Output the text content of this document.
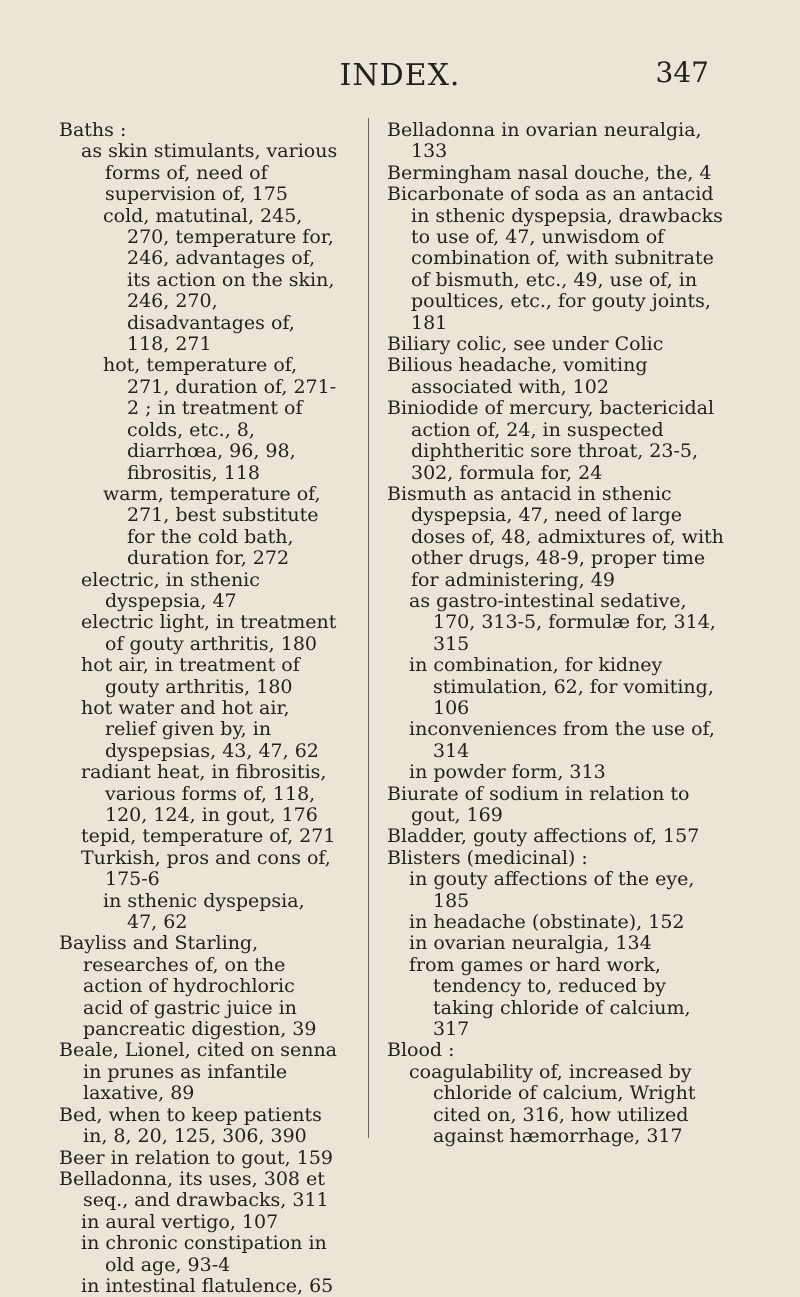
INDEX.	347

Baths :

as skin stimulants, various forms of, need of supervision of, 175

cold, matutinal, 245, 270, temperature for, 246, advantages of, its action on the skin, 246, 270, disadvantages of, 118, 271

hot, temperature of, 271, duration of, 271-2 ; in treatment of colds, etc., 8, diarrhœa, 96, 98, fibrositis, 118

warm, temperature of, 271, best substitute for the cold bath, duration for, 272

electric, in sthenic dyspepsia, 47

electric light, in treatment of gouty arthritis, 180

hot air, in treatment of gouty arthritis, 180

hot water and hot air, relief given by, in dyspepsias, 43, 47, 62

radiant heat, in fibrositis, various forms of, 118, 120, 124, in gout, 176

tepid, temperature of, 271

Turkish, pros and cons of, 175-6

in sthenic dyspepsia, 47, 62

Bayliss and Starling, researches of, on the action of hydrochloric acid of gastric juice in pancreatic digestion, 39

Beale, Lionel, cited on senna in prunes as infantile laxative, 89

Bed, when to keep patients in, 8, 20, 125, 306, 390

Beer in relation to gout, 159

Belladonna, its uses, 308 et seq., and drawbacks, 311

in aural vertigo, 107

in chronic constipation in old age, 93-4

in intestinal flatulence, 65

Belladonna in ovarian neuralgia, 133

Bermingham nasal douche, the, 4

Bicarbonate of soda as an antacid in sthenic dyspepsia, drawbacks to use of, 47, unwisdom of combination of, with subnitrate of bismuth, etc., 49, use of, in poultices, etc., for gouty joints, 181

Biliary colic, see under Colic

Bilious headache, vomiting associated with, 102

Biniodide of mercury, bactericidal action of, 24, in suspected diphtheritic sore throat, 23-5, 302, formula for, 24

Bismuth as antacid in sthenic dyspepsia, 47, need of large doses of, 48, admixtures of, with other drugs, 48-9, proper time for administering, 49

as gastro-intestinal sedative, 170, 313-5, formulæ for, 314, 315

in combination, for kidney stimulation, 62, for vomiting, 106

inconveniences from the use of, 314

in powder form, 313

Biurate of sodium in relation to gout, 169

Bladder, gouty affections of, 157

Blisters (medicinal) :

in gouty affections of the eye, 185

in headache (obstinate), 152

in ovarian neuralgia, 134

from games or hard work, tendency to, reduced by taking chloride of calcium, 317

Blood :

coagulability of, increased by chloride of calcium, Wright cited on, 316, how utilized against hæmorrhage, 317
